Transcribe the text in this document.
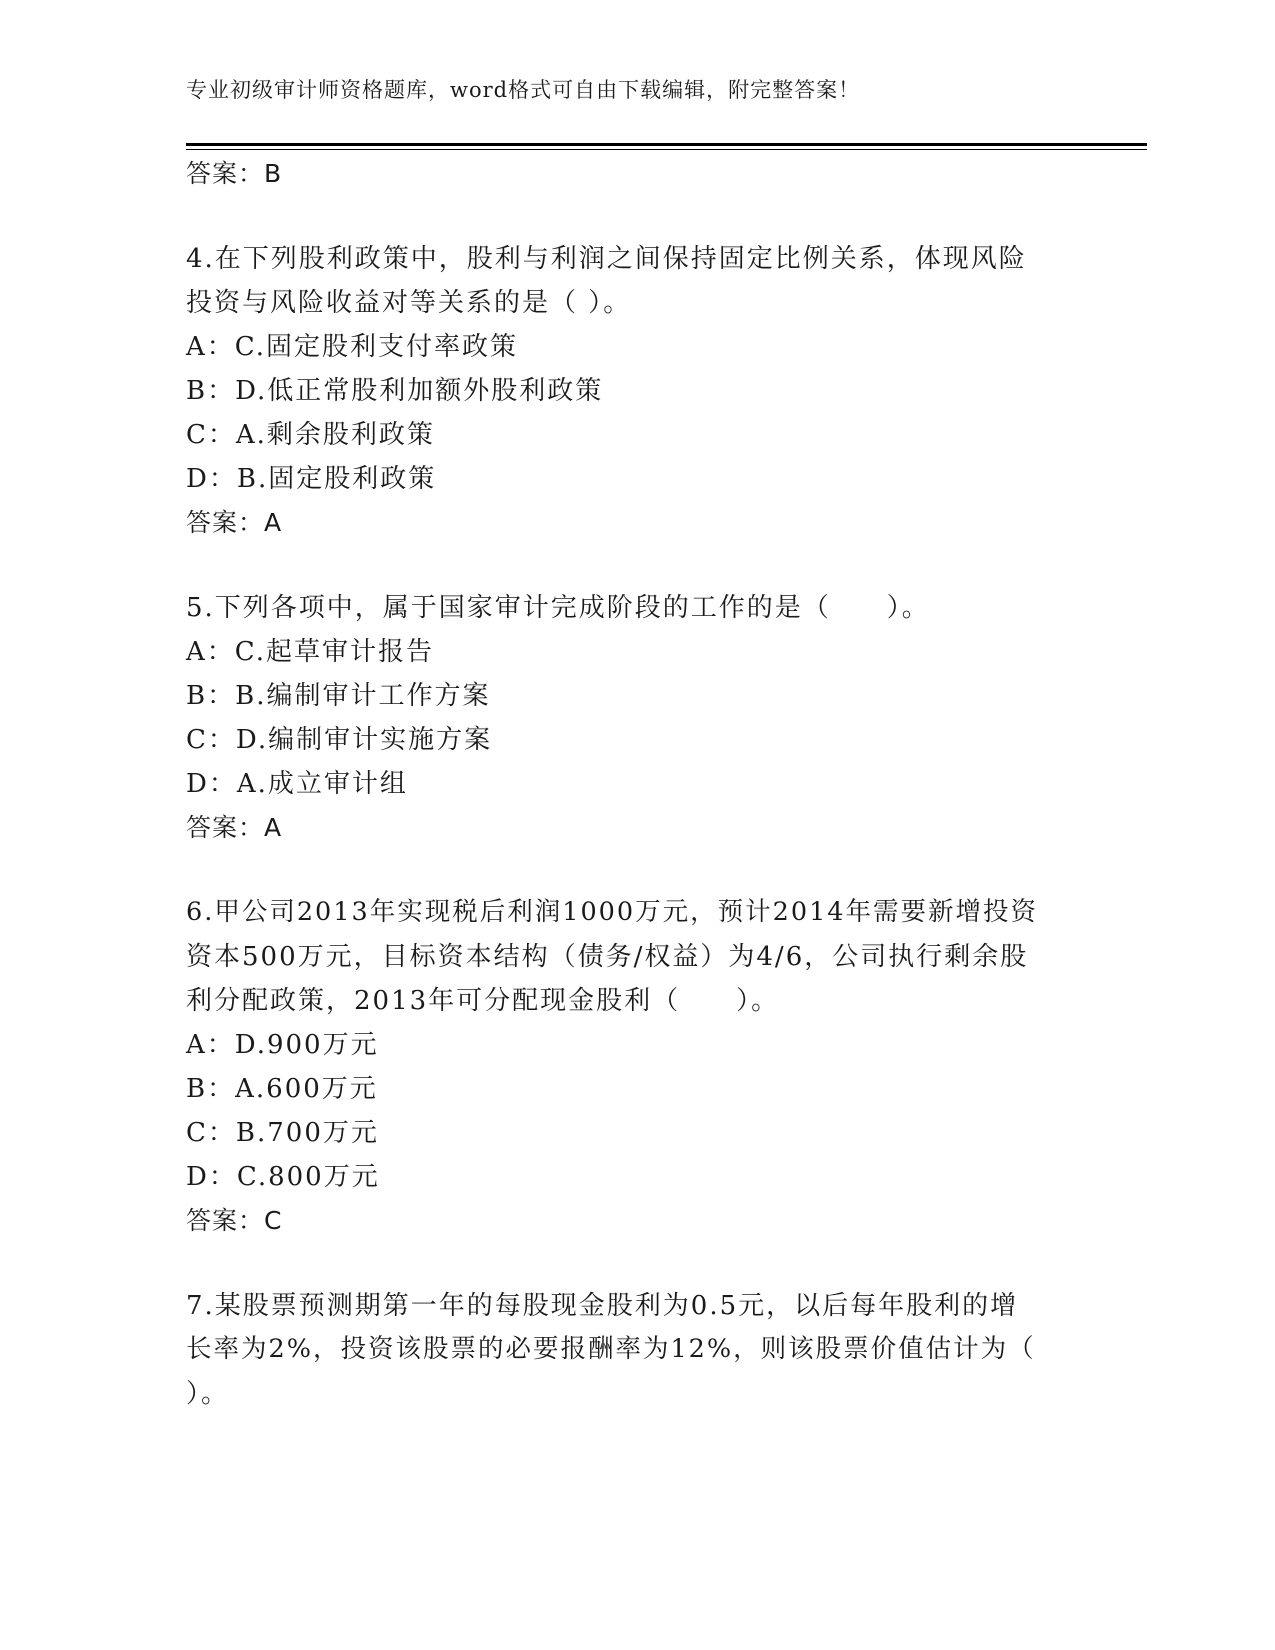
专业初级审计师资格题库，word格式可自由下载编辑，附完整答案！
答案：B
4.在下列股利政策中，股利与利润之间保持固定比例关系，体现风险
投资与风险收益对等关系的是（ ）。
A：C.固定股利支付率政策
B：D.低正常股利加额外股利政策
C：A.剩余股利政策
D：B.固定股利政策
答案：A
5.下列各项中，属于国家审计完成阶段的工作的是（　　）。
A：C.起草审计报告
B：B.编制审计工作方案
C：D.编制审计实施方案
D：A.成立审计组
答案：A
6.甲公司2013年实现税后利润1000万元，预计2014年需要新增投资
资本500万元，目标资本结构（债务/权益）为4/6，公司执行剩余股
利分配政策，2013年可分配现金股利（　　）。
A：D.900万元
B：A.600万元
C：B.700万元
D：C.800万元
答案：C
7.某股票预测期第一年的每股现金股利为0.5元，以后每年股利的增
长率为2%，投资该股票的必要报酬率为12%，则该股票价值估计为（
）。
